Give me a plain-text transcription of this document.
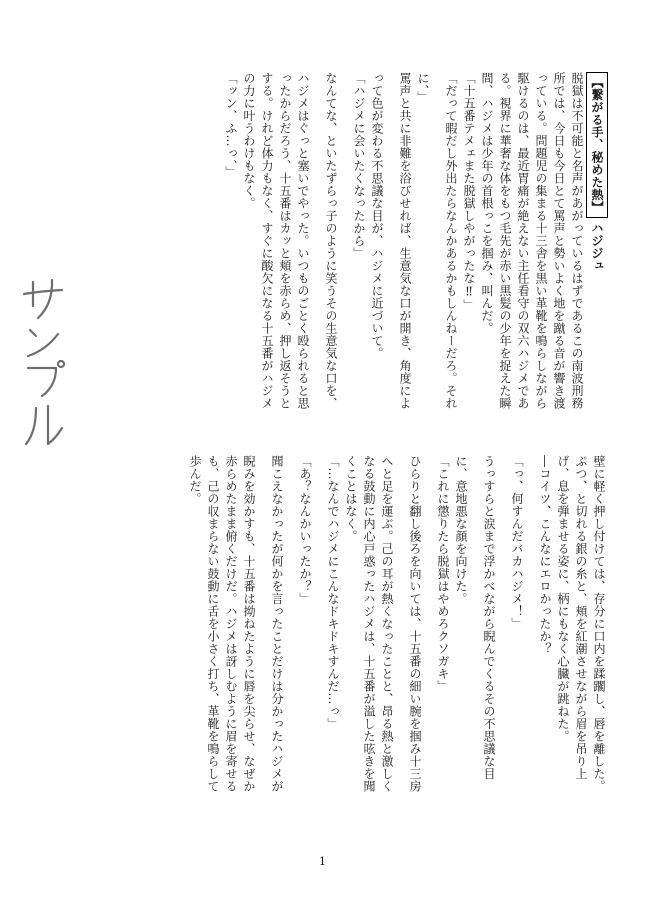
【繋がる手、秘めた熱】 ハジジュ

脱獄は不可能と名声があがっているはずであるこの南波刑務

所では、今日も今日とて罵声と勢いよく地を蹴る音が響き渡

っている。問題児の集まる十三舎を黒い革靴を鳴らしながら

駆けるのは、最近胃痛が絶えない主任看守の双六ハジメであ

る。視界に華奢な体をもつ毛先が赤い黒髪の少年を捉えた瞬

間、ハジメは少年の首根っこを掴み、叫んだ。

「十五番テメェまた脱獄しやがったな‼」

「だって暇だし外出たらなんかあるかもしんねーだろ。それ

に、」

罵声と共に非難を浴びせれば、生意気な口が開き、角度によ

って色が変わる不思議な目が、ハジメに近づいて。

「ハジメに会いたくなったから」

なんてな、といたずらっ子のように笑うその生意気な口を、

ハジメはぐっと塞いでやった。いつものごとく殴られると思

ったからだろう、十五番はカッと頬を赤らめ、押し返そうと

する。けれど体力もなく、すぐに酸欠になる十五番がハジメ

の力に叶うわけもなく。

「ッン、ふ…っ、」

壁に軽く押し付けては、存分に口内を蹂躙し、唇を離した。

ぷつ、と切れる銀の糸と、頬を紅潮させながら眉を吊り上

げ、息を弾ませる姿に、柄にもなく心臓が跳ねた。

―コイツ、こんなにエロかったか？

「っ、何すんだバカハジメ！」

うっすらと涙まで浮かべながら睨んでくるその不思議な目

に、意地悪な顔を向けた。

「これに懲りたら脱獄はやめろクソガキ」

ひらりと翻し後ろを向いては、十五番の細い腕を掴み十三房

へと足を運ぶ。己の耳が熱くなったことと、昂る熱と激しく

なる鼓動に内心戸惑ったハジメは、十五番が溢した呟きを聞

くことはなく。

「…なんでハジメにこんなドキドキすんだ…っ」

「あ？なんかいったか？」

聞こえなかったが何かを言ったことだけは分かったハジメが

睨みを効かすも、十五番は拗ねたように唇を尖らせ、なぜか

赤らめたまま俯くだけだ。ハジメは訝しむように眉を寄せる

も、己の収まらない鼓動に舌を小さく打ち、革靴を鳴らして

歩んだ。

1
